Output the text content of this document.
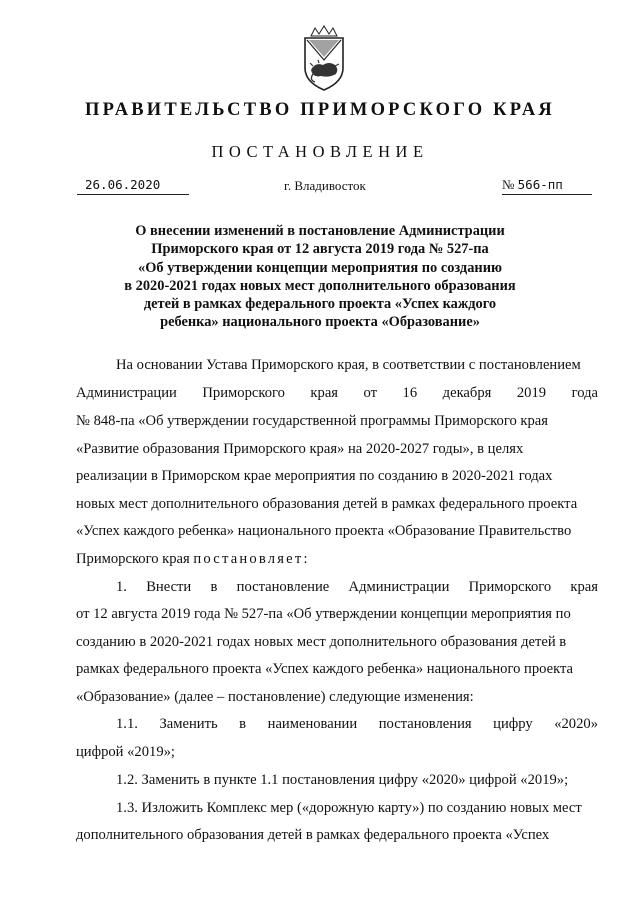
ПРАВИТЕЛЬСТВО ПРИМОРСКОГО КРАЯ
ПОСТАНОВЛЕНИЕ
26.06.2020	г. Владивосток	№ 566-пп
О внесении изменений в постановление Администрации
Приморского края от 12 августа 2019 года № 527-па
«Об утверждении концепции мероприятия по созданию
в 2020-2021 годах новых мест дополнительного образования
детей в рамках федерального проекта «Успех каждого
ребенка» национального проекта «Образование»
На основании Устава Приморского края, в соответствии с постановлением
Администрации Приморского края от 16 декабря 2019 года
№ 848-па «Об утверждении государственной программы Приморского края
«Развитие образования Приморского края» на 2020-2027 годы», в целях
реализации в Приморском крае мероприятия по созданию в 2020-2021 годах
новых мест дополнительного образования детей в рамках федерального проекта
«Успех каждого ребенка» национального проекта «Образование Правительство
Приморского края постановляет:
1. Внести в постановление Администрации Приморского края
от 12 августа 2019 года № 527-па «Об утверждении концепции мероприятия по
созданию в 2020-2021 годах новых мест дополнительного образования детей в
рамках федерального проекта «Успех каждого ребенка» национального проекта
«Образование» (далее – постановление) следующие изменения:
1.1. Заменить в наименовании постановления цифру «2020»
цифрой «2019»;
1.2. Заменить в пункте 1.1 постановления цифру «2020» цифрой «2019»;
1.3. Изложить Комплекс мер («дорожную карту») по созданию новых мест
дополнительного образования детей в рамках федерального проекта «Успех
